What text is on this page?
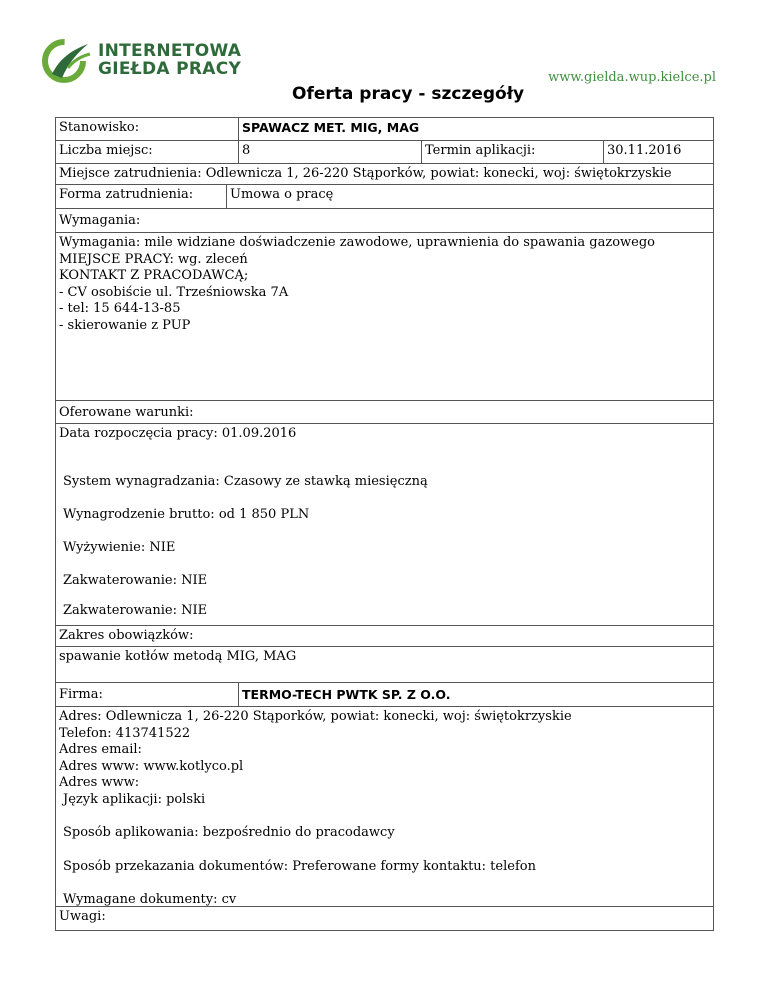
INTERNETOWA
GIEŁDA PRACY	www.gielda.wup.kielce.pl
Oferta pracy - szczegóły
Stanowisko:	SPAWACZ MET. MIG, MAG
Liczba miejsc:	8	Termin aplikacji:	30.11.2016
Miejsce zatrudnienia: Odlewnicza 1, 26-220 Stąporków, powiat: konecki, woj: świętokrzyskie
Forma zatrudnienia:	Umowa o pracę
Wymagania:
Wymagania: mile widziane doświadczenie zawodowe, uprawnienia do spawania gazowego
MIEJSCE PRACY: wg. zleceń
KONTAKT Z PRACODAWCĄ;
- CV osobiście ul. Trześniowska 7A
- tel: 15 644-13-85
- skierowanie z PUP
Oferowane warunki:
Data rozpoczęcia pracy: 01.09.2016
System wynagradzania: Czasowy ze stawką miesięczną
Wynagrodzenie brutto: od 1 850 PLN
Wyżywienie: NIE
Zakwaterowanie: NIE
Zakwaterowanie: NIE
Zakres obowiązków:
spawanie kotłów metodą MIG, MAG
Firma:	TERMO-TECH PWTK SP. Z O.O.
Adres: Odlewnicza 1, 26-220 Stąporków, powiat: konecki, woj: świętokrzyskie
Telefon: 413741522
Adres email:
Adres www: www.kotlyco.pl
Adres www:
Język aplikacji: polski
Sposób aplikowania: bezpośrednio do pracodawcy
Sposób przekazania dokumentów: Preferowane formy kontaktu: telefon
Wymagane dokumenty: cv
Uwagi:
